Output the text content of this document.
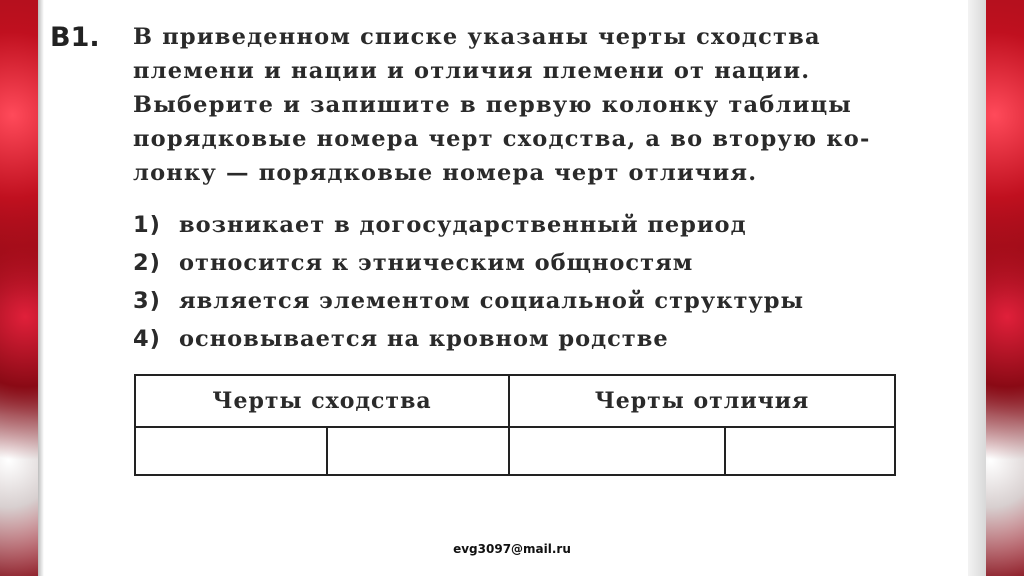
B1. В приведенном списке указаны черты сходства
племени и нации и отличия племени от нации.
Выберите и запишите в первую колонку таблицы
порядковые номера черт сходства, а во вторую ко-
лонку — порядковые номера черт отличия.
1) возникает в догосударственный период
2) относится к этническим общностям
3) является элементом социальной структуры
4) основывается на кровном родстве
Черты сходства		Черты отличия	

evg3097@mail.ru
